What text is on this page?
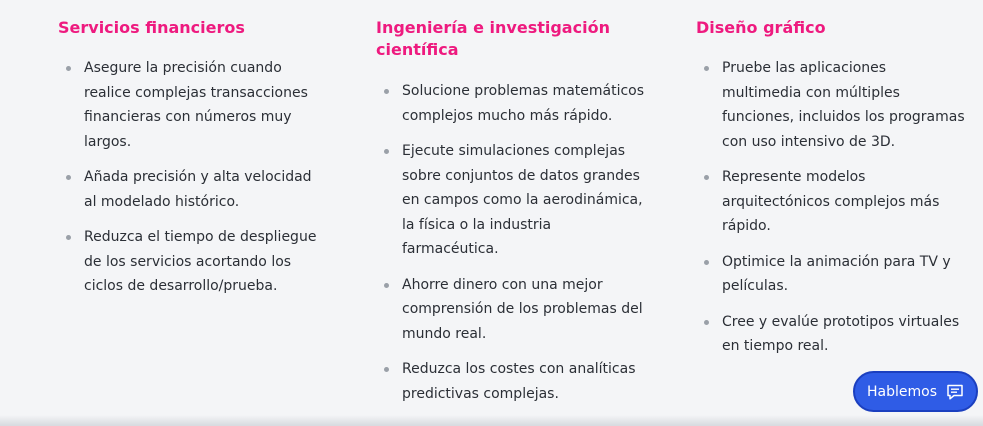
Servicios financieros
Asegure la precisión cuando realice complejas transacciones financieras con números muy largos.
Añada precisión y alta velocidad al modelado histórico.
Reduzca el tiempo de despliegue de los servicios acortando los ciclos de desarrollo/prueba.
Ingeniería e investigación científica
Solucione problemas matemáticos complejos mucho más rápido.
Ejecute simulaciones complejas sobre conjuntos de datos grandes en campos como la aerodinámica, la física o la industria farmacéutica.
Ahorre dinero con una mejor comprensión de los problemas del mundo real.
Reduzca los costes con analíticas predictivas complejas.
Diseño gráfico
Pruebe las aplicaciones multimedia con múltiples funciones, incluidos los programas con uso intensivo de 3D.
Represente modelos arquitectónicos complejos más rápido.
Optimice la animación para TV y películas.
Cree y evalúe prototipos virtuales en tiempo real.
Hablemos
